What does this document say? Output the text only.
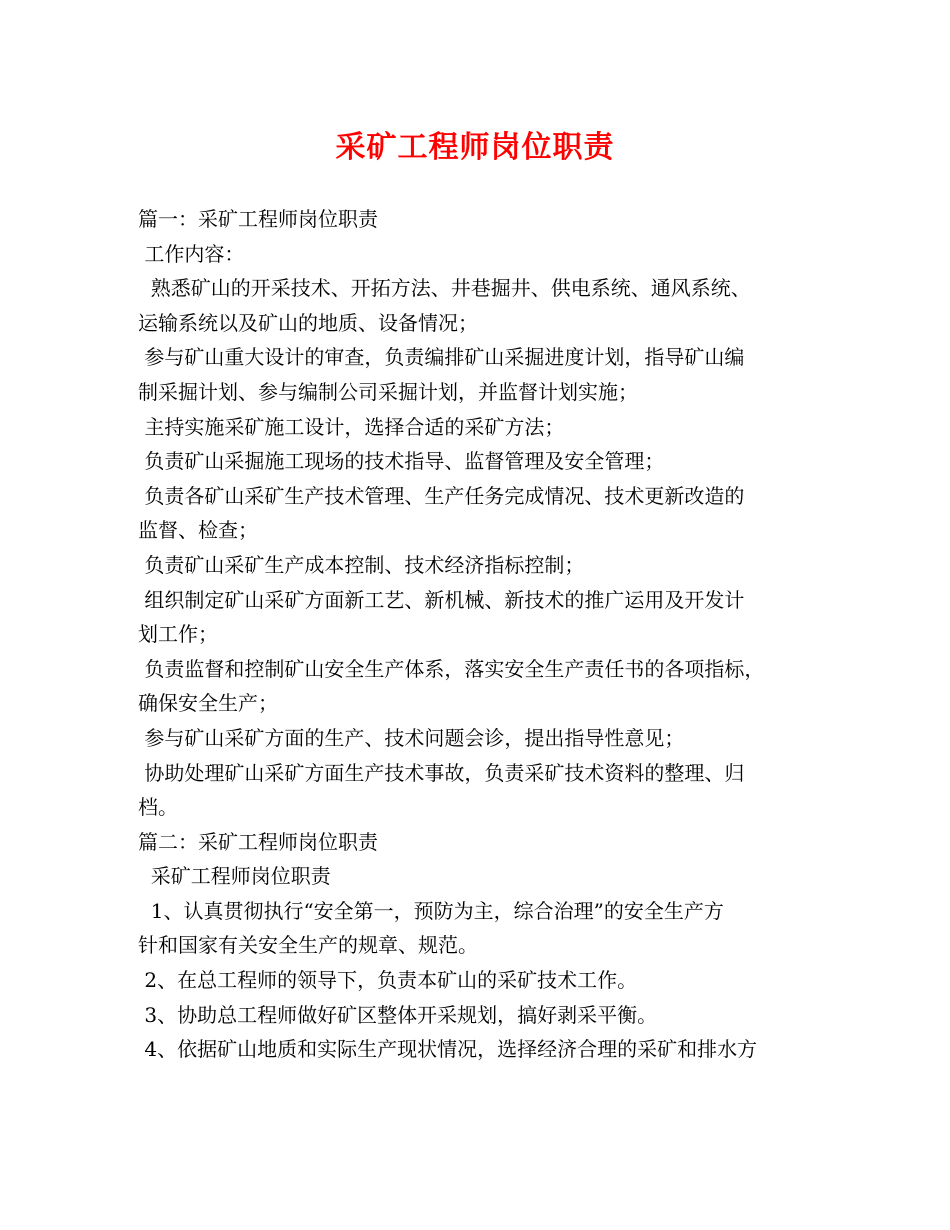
采矿工程师岗位职责
篇一：采矿工程师岗位职责
工作内容：
熟悉矿山的开采技术、开拓方法、井巷掘井、供电系统、通风系统、
运输系统以及矿山的地质、设备情况；
参与矿山重大设计的审查，负责编排矿山采掘进度计划，指导矿山编
制采掘计划、参与编制公司采掘计划，并监督计划实施；
主持实施采矿施工设计，选择合适的采矿方法；
负责矿山采掘施工现场的技术指导、监督管理及安全管理；
负责各矿山采矿生产技术管理、生产任务完成情况、技术更新改造的
监督、检查；
负责矿山采矿生产成本控制、技术经济指标控制；
组织制定矿山采矿方面新工艺、新机械、新技术的推广运用及开发计
划工作；
负责监督和控制矿山安全生产体系，落实安全生产责任书的各项指标，
确保安全生产；
参与矿山采矿方面的生产、技术问题会诊，提出指导性意见；
协助处理矿山采矿方面生产技术事故，负责采矿技术资料的整理、归
档。
篇二：采矿工程师岗位职责
采矿工程师岗位职责
1、认真贯彻执行“安全第一，预防为主，综合治理”的安全生产方
针和国家有关安全生产的规章、规范。
2、在总工程师的领导下，负责本矿山的采矿技术工作。
3、协助总工程师做好矿区整体开采规划，搞好剥采平衡。
4、依据矿山地质和实际生产现状情况，选择经济合理的采矿和排水方
